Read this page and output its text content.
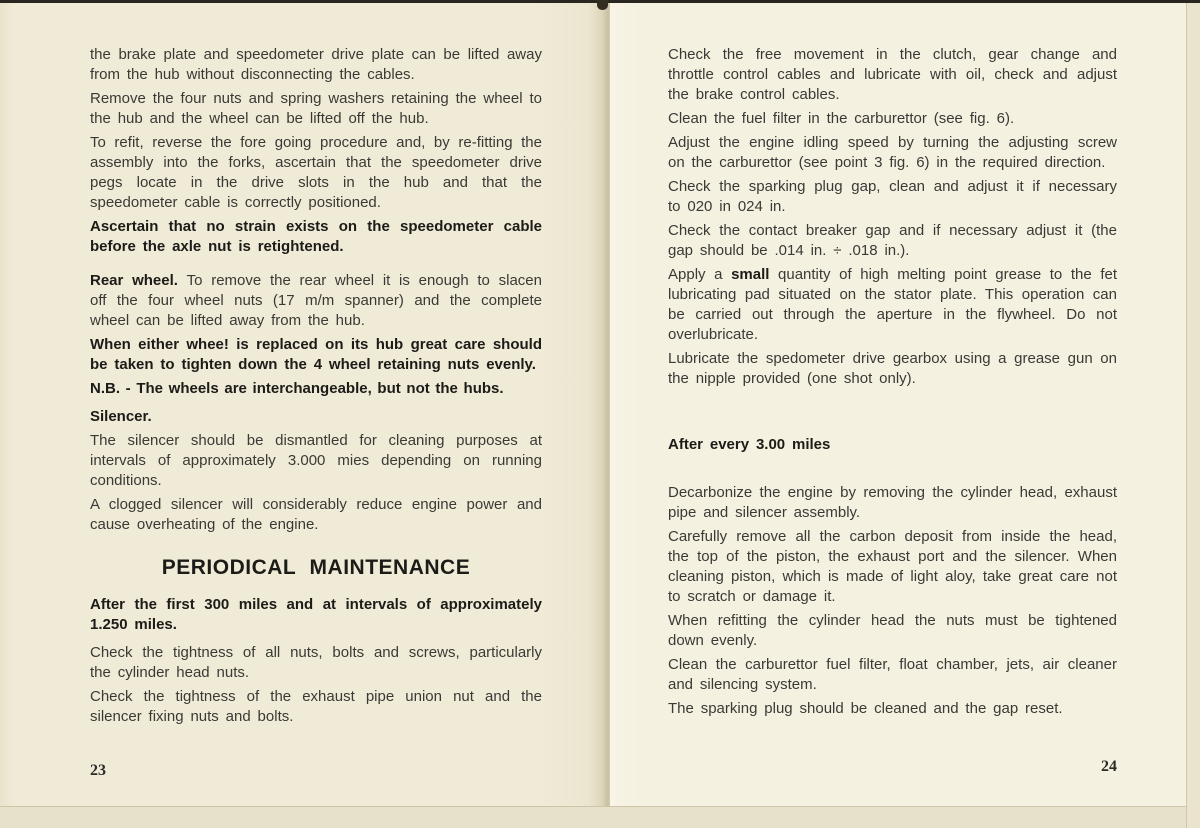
the brake plate and speedometer drive plate can be lifted away from the hub without disconnecting the cables.

Remove the four nuts and spring washers retaining the wheel to the hub and the wheel can be lifted off the hub.

To refit, reverse the fore going procedure and, by re-fitting the assembly into the forks, ascertain that the speedometer drive pegs locate in the drive slots in the hub and that the speedometer cable is correctly positioned.

Ascertain that no strain exists on the speedometer cable before the axle nut is retightened.

Rear wheel. To remove the rear wheel it is enough to slacen off the four wheel nuts (17 m/m spanner) and the complete wheel can be lifted away from the hub.

When either whee! is replaced on its hub great care should be taken to tighten down the 4 wheel retaining nuts evenly.

N.B. - The wheels are interchangeable, but not the hubs.

Silencer.

The silencer should be dismantled for cleaning purposes at intervals of approximately 3.000 mies depending on running conditions.

A clogged silencer will considerably reduce engine power and cause overheating of the engine.

PERIODICAL MAINTENANCE

After the first 300 miles and at intervals of approximately 1.250 miles.

Check the tightness of all nuts, bolts and screws, particularly the cylinder head nuts.

Check the tightness of the exhaust pipe union nut and the silencer fixing nuts and bolts.

Check the free movement in the clutch, gear change and throttle control cables and lubricate with oil, check and adjust the brake control cables.

Clean the fuel filter in the carburettor (see fig. 6).

Adjust the engine idling speed by turning the adjusting screw on the carburettor (see point 3 fig. 6) in the required direction.

Check the sparking plug gap, clean and adjust it if necessary to 020 in 024 in.

Check the contact breaker gap and if necessary adjust it (the gap should be .014 in. ÷ .018 in.).

Apply a small quantity of high melting point grease to the fet lubricating pad situated on the stator plate. This operation can be carried out through the aperture in the flywheel. Do not overlubricate.

Lubricate the spedometer drive gearbox using a grease gun on the nipple provided (one shot only).

After every 3.00 miles

Decarbonize the engine by removing the cylinder head, exhaust pipe and silencer assembly.

Carefully remove all the carbon deposit from inside the head, the top of the piston, the exhaust port and the silencer. When cleaning piston, which is made of light aloy, take great care not to scratch or damage it.

When refitting the cylinder head the nuts must be tightened down evenly.

Clean the carburettor fuel filter, float chamber, jets, air cleaner and silencing system.

The sparking plug should be cleaned and the gap reset.

23	24
